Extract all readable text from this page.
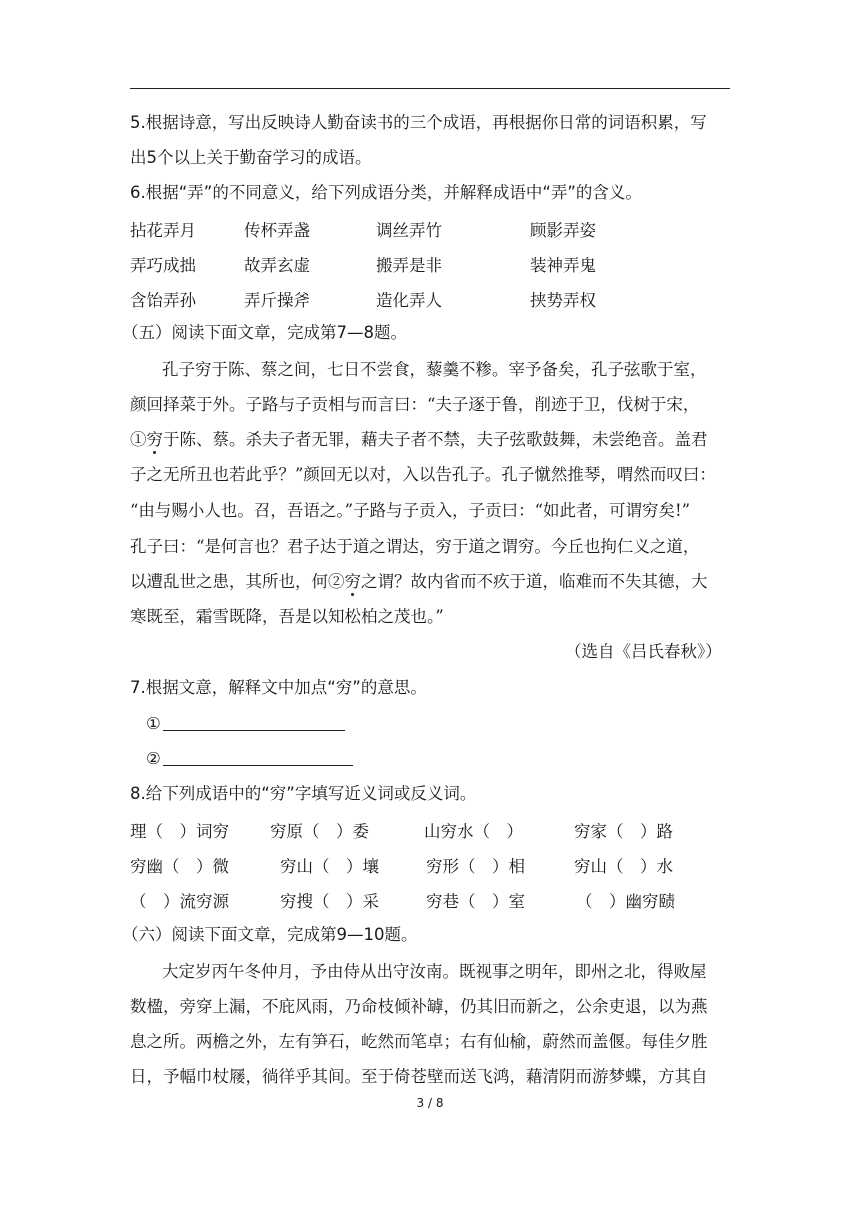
5.根据诗意，写出反映诗人勤奋读书的三个成语，再根据你日常的词语积累，写
出5个以上关于勤奋学习的成语。
6.根据“弄”的不同意义，给下列成语分类，并解释成语中“弄”的含义。
拈花弄月	传杯弄盏	调丝弄竹	顾影弄姿
弄巧成拙	故弄玄虚	搬弄是非	装神弄鬼
含饴弄孙	弄斤操斧	造化弄人	挟势弄权
（五）阅读下面文章，完成第7—8题。
孔子穷于陈、蔡之间，七日不尝食，藜羹不糁。宰予备矣，孔子弦歌于室，
颜回择菜于外。子路与子贡相与而言曰：“夫子逐于鲁，削迹于卫，伐树于宋，
①穷于陈、蔡。杀夫子者无罪，藉夫子者不禁，夫子弦歌鼓舞，未尝绝音。盖君
子之无所丑也若此乎？”颜回无以对，入以告孔子。孔子憱然推琴，喟然而叹曰：
“由与赐小人也。召，吾语之。”子路与子贡入，子贡曰：“如此者，可谓穷矣!”
孔子曰：“是何言也？君子达于道之谓达，穷于道之谓穷。今丘也拘仁义之道，
以遭乱世之患，其所也，何②穷之谓？故内省而不疚于道，临难而不失其德，大
寒既至，霜雪既降，吾是以知松柏之茂也。”
（选自《吕氏春秋》）
7.根据文意，解释文中加点“穷”的意思。
①
②
8.给下列成语中的“穷”字填写近义词或反义词。
理（　）词穷 穷原（　）委	山穷水（　）	穷家（　）路
穷幽（　）微	穷山（　）壤	穷形（　）相	穷山（　）水
（　）流穷源	穷搜（　）采	穷巷（　）室	（　）幽穷赜
（六）阅读下面文章，完成第9—10题。
大定岁丙午冬仲月，予由侍从出守汝南。既视事之明年，即州之北，得败屋
数楹，旁穿上漏，不庇风雨，乃命枝倾补罅，仍其旧而新之，公余吏退，以为燕
息之所。两檐之外，左有笋石，屹然而笔卓；右有仙榆，蔚然而盖偃。每佳夕胜
日，予幅巾杖屦，徜徉乎其间。至于倚苍壁而送飞鸿，藉清阴而游梦蝶，方其自
3 / 8
